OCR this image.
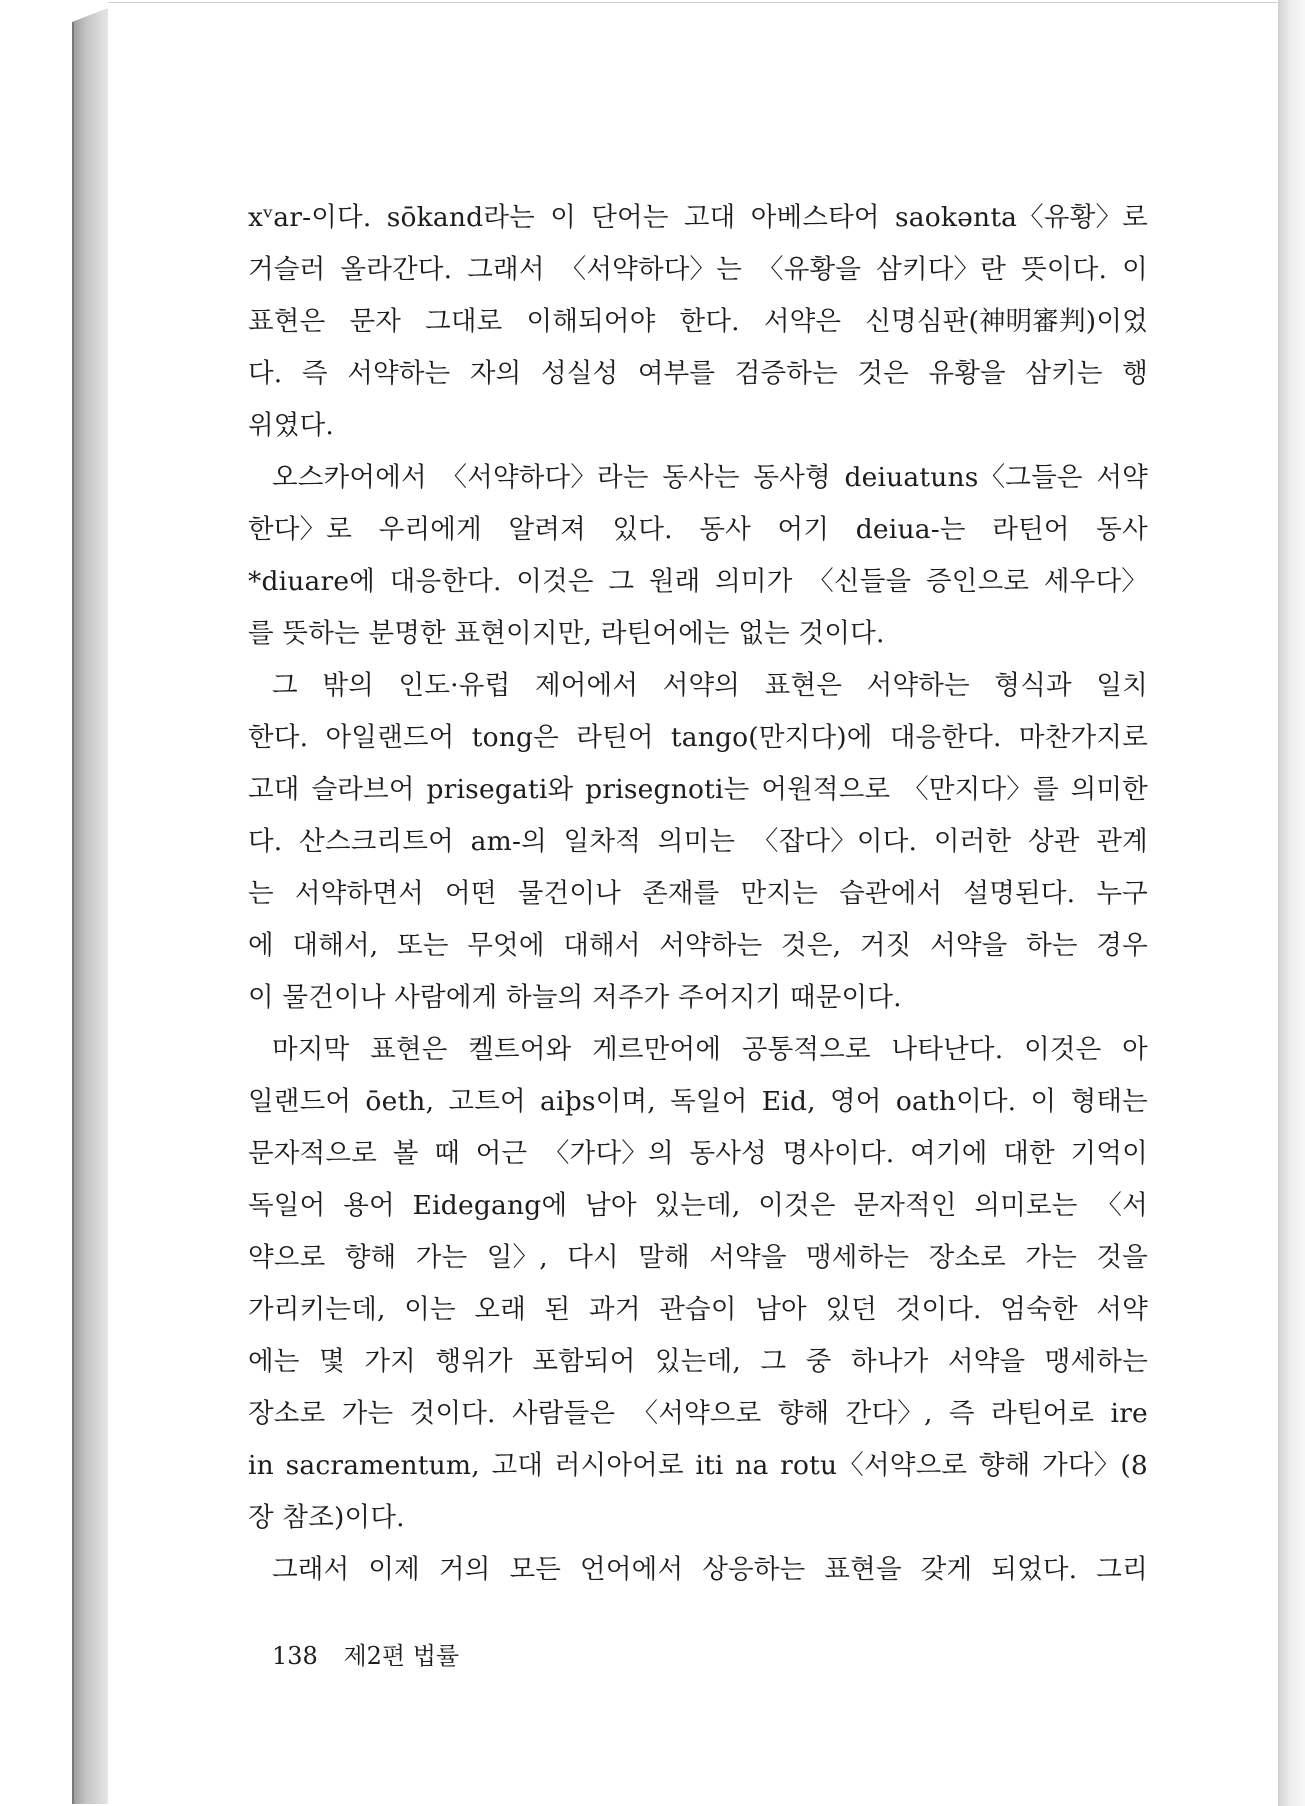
xᵛar-이다. sōkand라는 이 단어는 고대 아베스타어 saokənta〈유황〉로
거슬러 올라간다. 그래서 〈서약하다〉는 〈유황을 삼키다〉란 뜻이다. 이
표현은 문자 그대로 이해되어야 한다. 서약은 신명심판(神明審判)이었
다. 즉 서약하는 자의 성실성 여부를 검증하는 것은 유황을 삼키는 행
위였다.
오스카어에서 〈서약하다〉라는 동사는 동사형 deiuatuns〈그들은 서약
한다〉로 우리에게 알려져 있다. 동사 어기 deiua-는 라틴어 동사
*diuare에 대응한다. 이것은 그 원래 의미가 〈신들을 증인으로 세우다〉
를 뜻하는 분명한 표현이지만, 라틴어에는 없는 것이다.
그 밖의 인도·유럽 제어에서 서약의 표현은 서약하는 형식과 일치
한다. 아일랜드어 tong은 라틴어 tango(만지다)에 대응한다. 마찬가지로
고대 슬라브어 prisegati와 prisegnoti는 어원적으로 〈만지다〉를 의미한
다. 산스크리트어 am-의 일차적 의미는 〈잡다〉이다. 이러한 상관 관계
는 서약하면서 어떤 물건이나 존재를 만지는 습관에서 설명된다. 누구
에 대해서, 또는 무엇에 대해서 서약하는 것은, 거짓 서약을 하는 경우
이 물건이나 사람에게 하늘의 저주가 주어지기 때문이다.
마지막 표현은 켈트어와 게르만어에 공통적으로 나타난다. 이것은 아
일랜드어 ōeth, 고트어 aiþs이며, 독일어 Eid, 영어 oath이다. 이 형태는
문자적으로 볼 때 어근 〈가다〉의 동사성 명사이다. 여기에 대한 기억이
독일어 용어 Eidegang에 남아 있는데, 이것은 문자적인 의미로는 〈서
약으로 향해 가는 일〉, 다시 말해 서약을 맹세하는 장소로 가는 것을
가리키는데, 이는 오래 된 과거 관습이 남아 있던 것이다. 엄숙한 서약
에는 몇 가지 행위가 포함되어 있는데, 그 중 하나가 서약을 맹세하는
장소로 가는 것이다. 사람들은 〈서약으로 향해 간다〉, 즉 라틴어로 ire
in sacramentum, 고대 러시아어로 iti na rotu〈서약으로 향해 가다〉(8
장 참조)이다.
그래서 이제 거의 모든 언어에서 상응하는 표현을 갖게 되었다. 그리
138 제2편 법률
